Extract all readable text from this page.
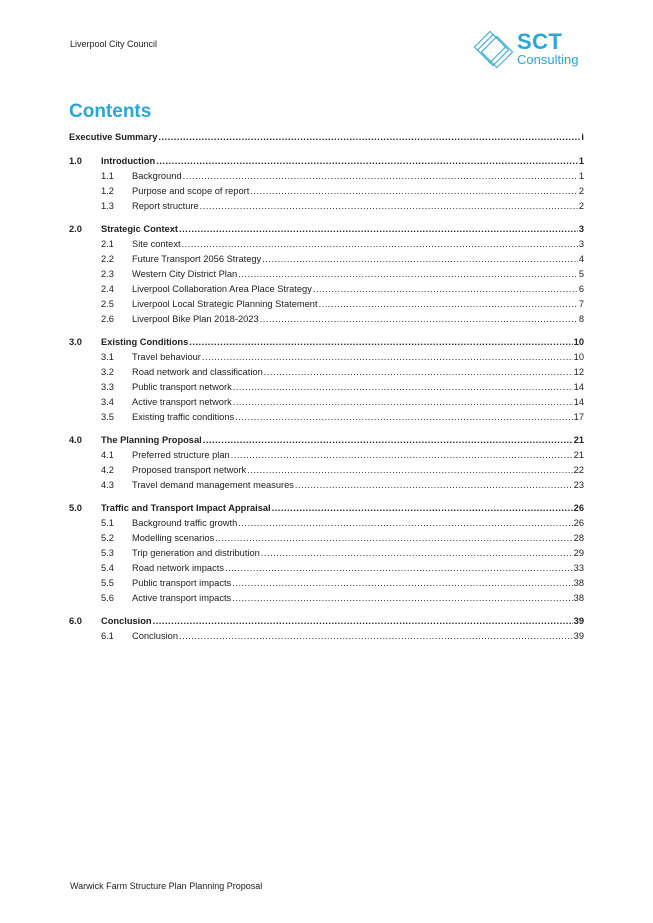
Liverpool City Council	SCT
Consulting
Contents
Executive Summary .....	i
1.0	Introduction .....	1
1.1	Background .....	1
1.2	Purpose and scope of report .....	2
1.3	Report structure .....	2
2.0	Strategic Context .....	3
2.1	Site context .....	3
2.2	Future Transport 2056 Strategy .....	4
2.3	Western City District Plan .....	5
2.4	Liverpool Collaboration Area Place Strategy .....	6
2.5	Liverpool Local Strategic Planning Statement .....	7
2.6	Liverpool Bike Plan 2018-2023 .....	8
3.0	Existing Conditions .....	10
3.1	Travel behaviour .....	10
3.2	Road network and classification .....	12
3.3	Public transport network .....	14
3.4	Active transport network .....	14
3.5	Existing traffic conditions .....	17
4.0	The Planning Proposal .....	21
4.1	Preferred structure plan .....	21
4.2	Proposed transport network .....	22
4.3	Travel demand management measures .....	23
5.0	Traffic and Transport Impact Appraisal .....	26
5.1	Background traffic growth .....	26
5.2	Modelling scenarios .....	28
5.3	Trip generation and distribution .....	29
5.4	Road network impacts .....	33
5.5	Public transport impacts .....	38
5.6	Active transport impacts .....	38
6.0	Conclusion .....	39
6.1	Conclusion .....	39
Warwick Farm Structure Plan Planning Proposal
